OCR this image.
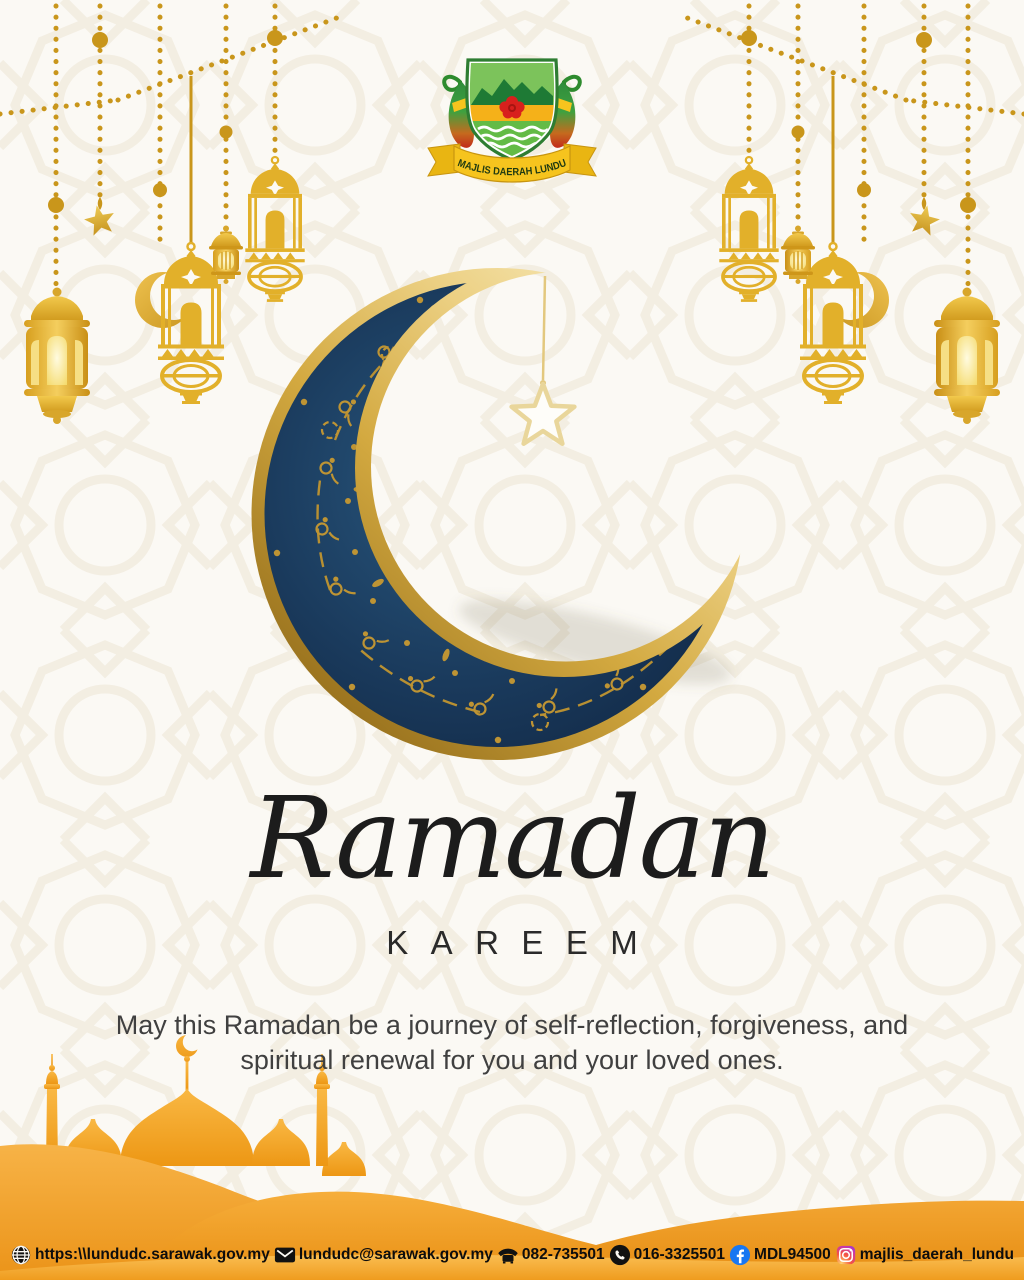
MAJLIS DAERAH LUNDU
Ramadan
KAREEM

May this Ramadan be a journey of self-reflection, forgiveness, and spiritual renewal for you and your loved ones.

https:\\lundudc.sarawak.gov.my lundudc@sarawak.gov.my 082-735501 016-3325501 MDL94500 majlis_daerah_lundu
